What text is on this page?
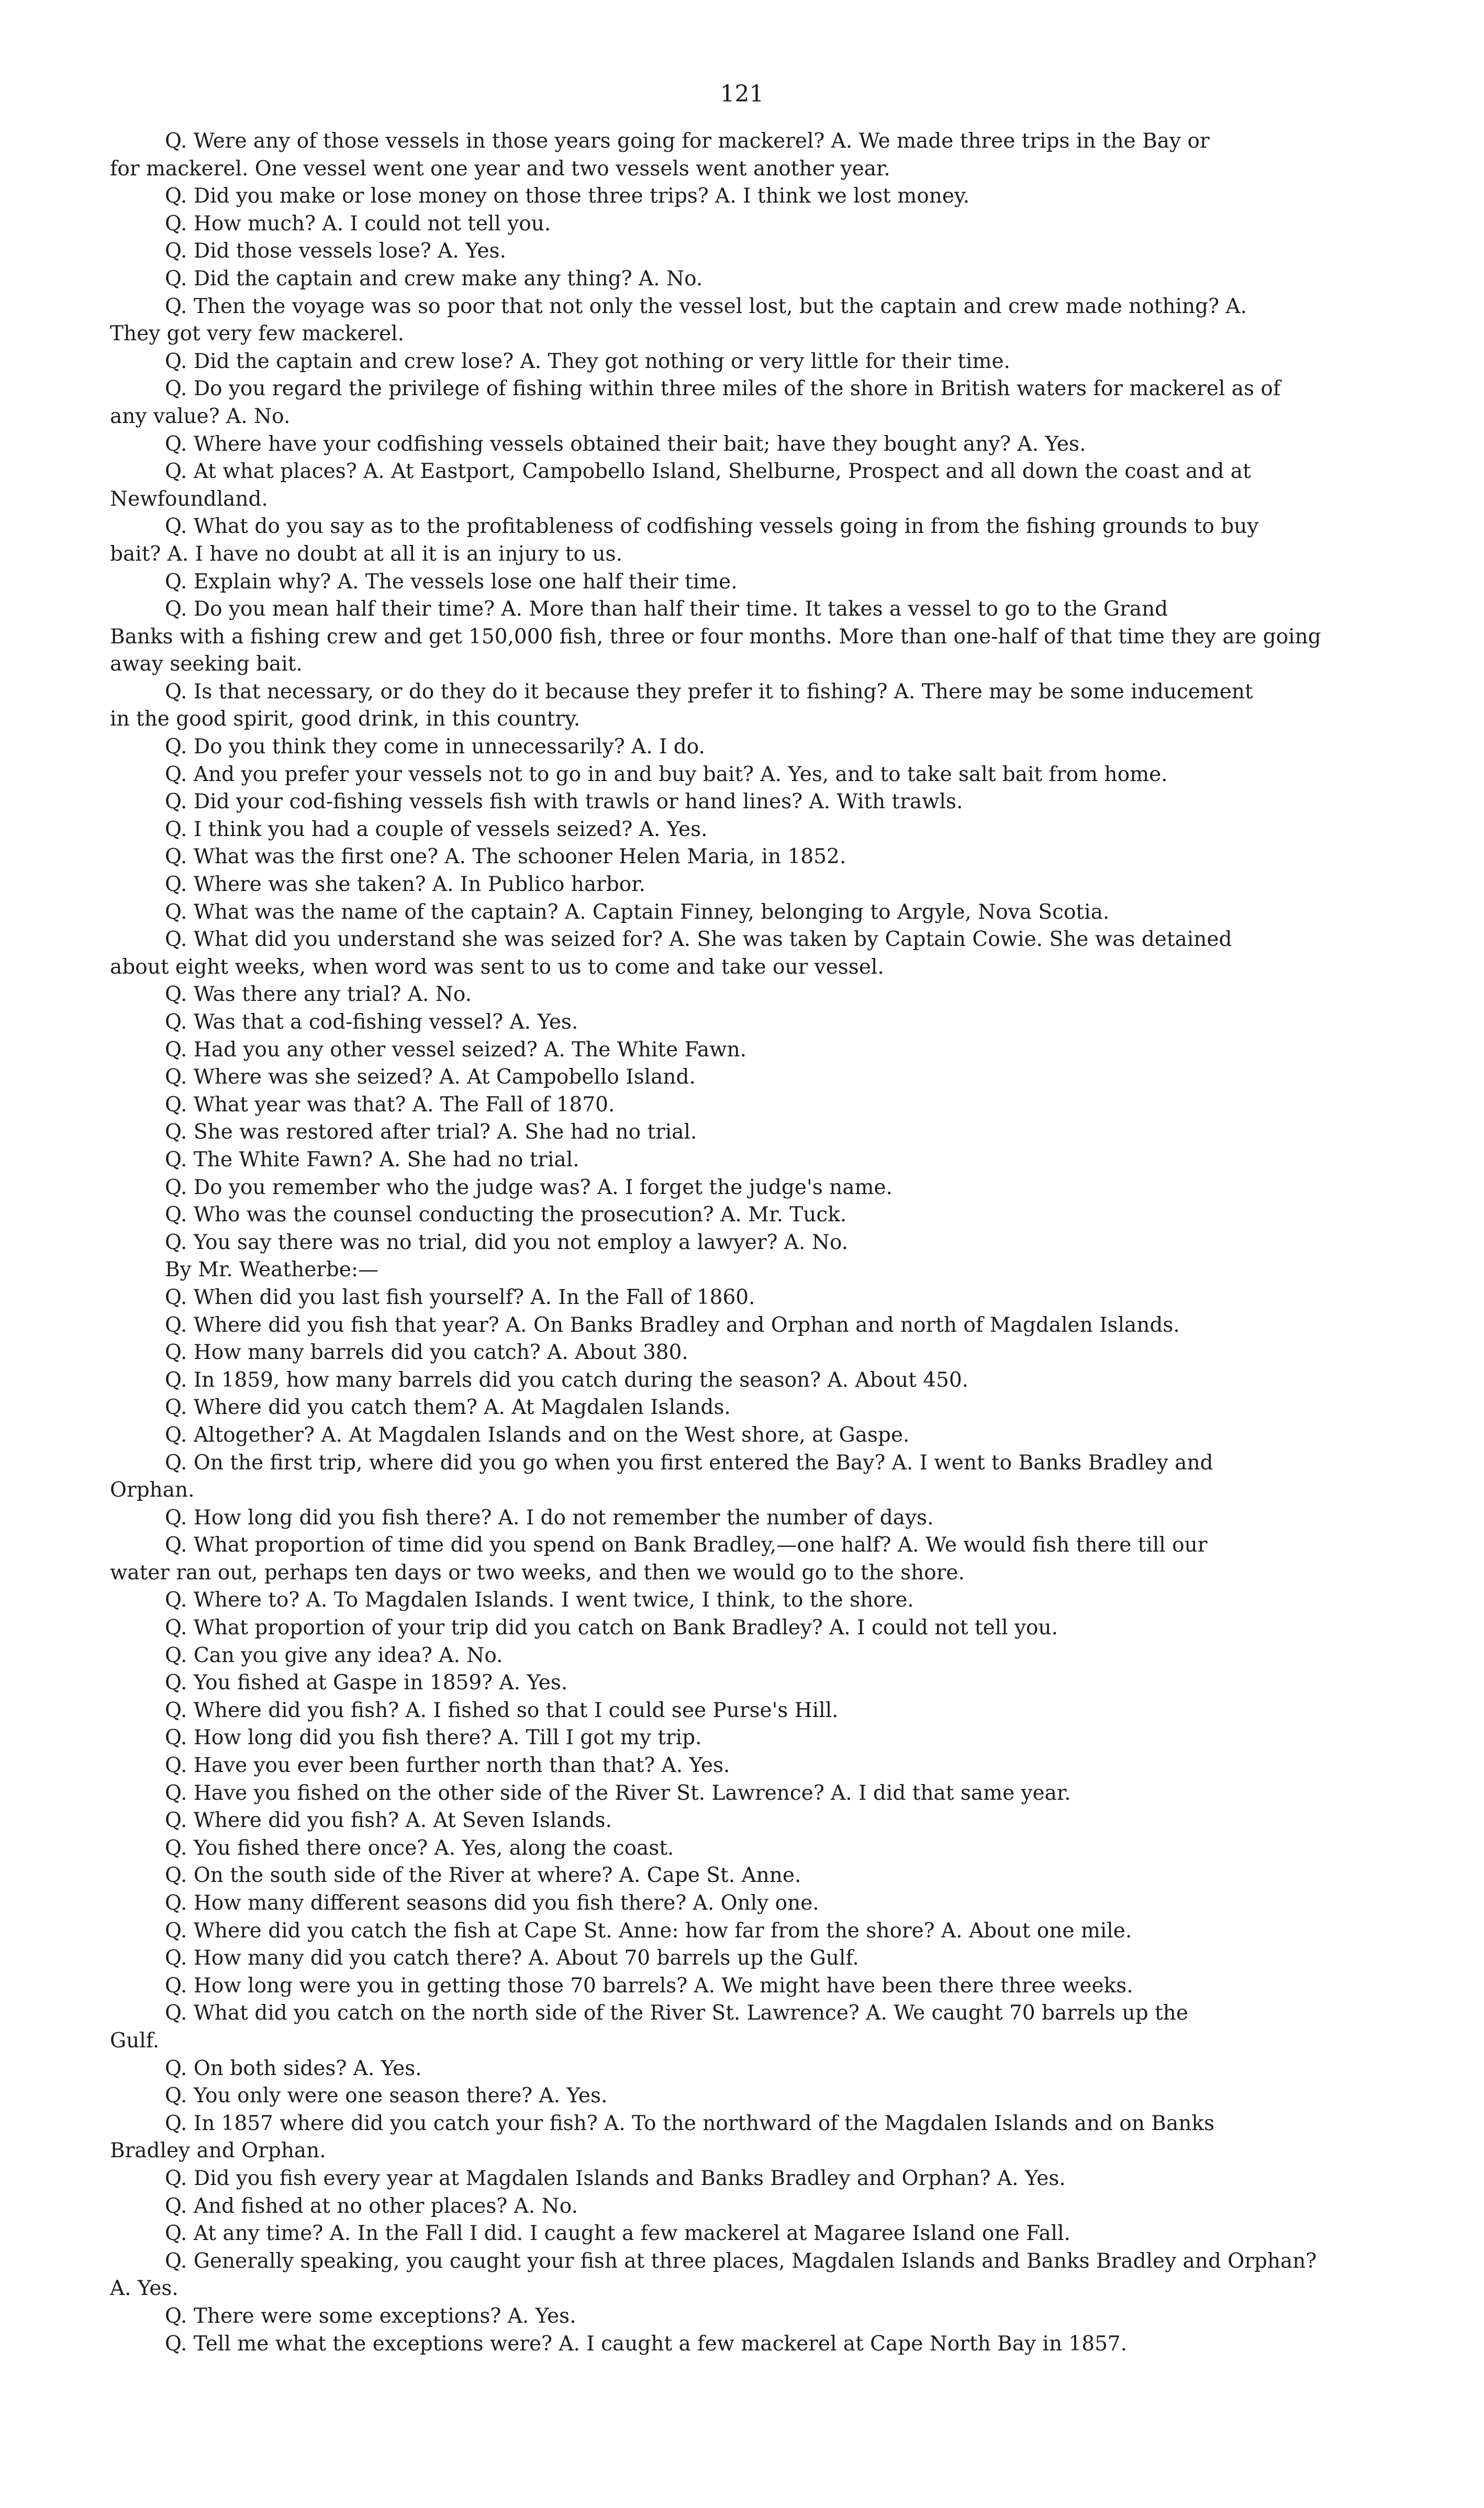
121
Q. Were any of those vessels in those years going for mackerel? A. We made three trips in the Bay or
for mackerel. One vessel went one year and two vessels went another year.
Q. Did you make or lose money on those three trips? A. I think we lost money.
Q. How much? A. I could not tell you.
Q. Did those vessels lose? A. Yes.
Q. Did the captain and crew make any thing? A. No.
Q. Then the voyage was so poor that not only the vessel lost, but the captain and crew made nothing? A.
They got very few mackerel.
Q. Did the captain and crew lose? A. They got nothing or very little for their time.
Q. Do you regard the privilege of fishing within three miles of the shore in British waters for mackerel as of
any value? A. No.
Q. Where have your codfishing vessels obtained their bait; have they bought any? A. Yes.
Q. At what places? A. At Eastport, Campobello Island, Shelburne, Prospect and all down the coast and at
Newfoundland.
Q. What do you say as to the profitableness of codfishing vessels going in from the fishing grounds to buy
bait? A. I have no doubt at all it is an injury to us.
Q. Explain why? A. The vessels lose one half their time.
Q. Do you mean half their time? A. More than half their time. It takes a vessel to go to the Grand
Banks with a fishing crew and get 150,000 fish, three or four months. More than one-half of that time they are going
away seeking bait.
Q. Is that necessary, or do they do it because they prefer it to fishing? A. There may be some inducement
in the good spirit, good drink, in this country.
Q. Do you think they come in unnecessarily? A. I do.
Q. And you prefer your vessels not to go in and buy bait? A. Yes, and to take salt bait from home.
Q. Did your cod-fishing vessels fish with trawls or hand lines? A. With trawls.
Q. I think you had a couple of vessels seized? A. Yes.
Q. What was the first one? A. The schooner Helen Maria, in 1852.
Q. Where was she taken? A. In Publico harbor.
Q. What was the name of the captain? A. Captain Finney, belonging to Argyle, Nova Scotia.
Q. What did you understand she was seized for? A. She was taken by Captain Cowie. She was detained
about eight weeks, when word was sent to us to come and take our vessel.
Q. Was there any trial? A. No.
Q. Was that a cod-fishing vessel? A. Yes.
Q. Had you any other vessel seized? A. The White Fawn.
Q. Where was she seized? A. At Campobello Island.
Q. What year was that? A. The Fall of 1870.
Q. She was restored after trial? A. She had no trial.
Q. The White Fawn? A. She had no trial.
Q. Do you remember who the judge was? A. I forget the judge's name.
Q. Who was the counsel conducting the prosecution? A. Mr. Tuck.
Q. You say there was no trial, did you not employ a lawyer? A. No.
By Mr. Weatherbe:—
Q. When did you last fish yourself? A. In the Fall of 1860.
Q. Where did you fish that year? A. On Banks Bradley and Orphan and north of Magdalen Islands.
Q. How many barrels did you catch? A. About 380.
Q. In 1859, how many barrels did you catch during the season? A. About 450.
Q. Where did you catch them? A. At Magdalen Islands.
Q. Altogether? A. At Magdalen Islands and on the West shore, at Gaspe.
Q. On the first trip, where did you go when you first entered the Bay? A. I went to Banks Bradley and
Orphan.
Q. How long did you fish there? A. I do not remember the number of days.
Q. What proportion of time did you spend on Bank Bradley,—one half? A. We would fish there till our
water ran out, perhaps ten days or two weeks, and then we would go to the shore.
Q. Where to? A. To Magdalen Islands. I went twice, I think, to the shore.
Q. What proportion of your trip did you catch on Bank Bradley? A. I could not tell you.
Q. Can you give any idea? A. No.
Q. You fished at Gaspe in 1859? A. Yes.
Q. Where did you fish? A. I fished so that I could see Purse's Hill.
Q. How long did you fish there? A. Till I got my trip.
Q. Have you ever been further north than that? A. Yes.
Q. Have you fished on the other side of the River St. Lawrence? A. I did that same year.
Q. Where did you fish? A. At Seven Islands.
Q. You fished there once? A. Yes, along the coast.
Q. On the south side of the River at where? A. Cape St. Anne.
Q. How many different seasons did you fish there? A. Only one.
Q. Where did you catch the fish at Cape St. Anne: how far from the shore? A. About one mile.
Q. How many did you catch there? A. About 70 barrels up the Gulf.
Q. How long were you in getting those 70 barrels? A. We might have been there three weeks.
Q. What did you catch on the north side of the River St. Lawrence? A. We caught 70 barrels up the
Gulf.
Q. On both sides? A. Yes.
Q. You only were one season there? A. Yes.
Q. In 1857 where did you catch your fish? A. To the northward of the Magdalen Islands and on Banks
Bradley and Orphan.
Q. Did you fish every year at Magdalen Islands and Banks Bradley and Orphan? A. Yes.
Q. And fished at no other places? A. No.
Q. At any time? A. In the Fall I did. I caught a few mackerel at Magaree Island one Fall.
Q. Generally speaking, you caught your fish at three places, Magdalen Islands and Banks Bradley and Orphan?
A. Yes.
Q. There were some exceptions? A. Yes.
Q. Tell me what the exceptions were? A. I caught a few mackerel at Cape North Bay in 1857.
